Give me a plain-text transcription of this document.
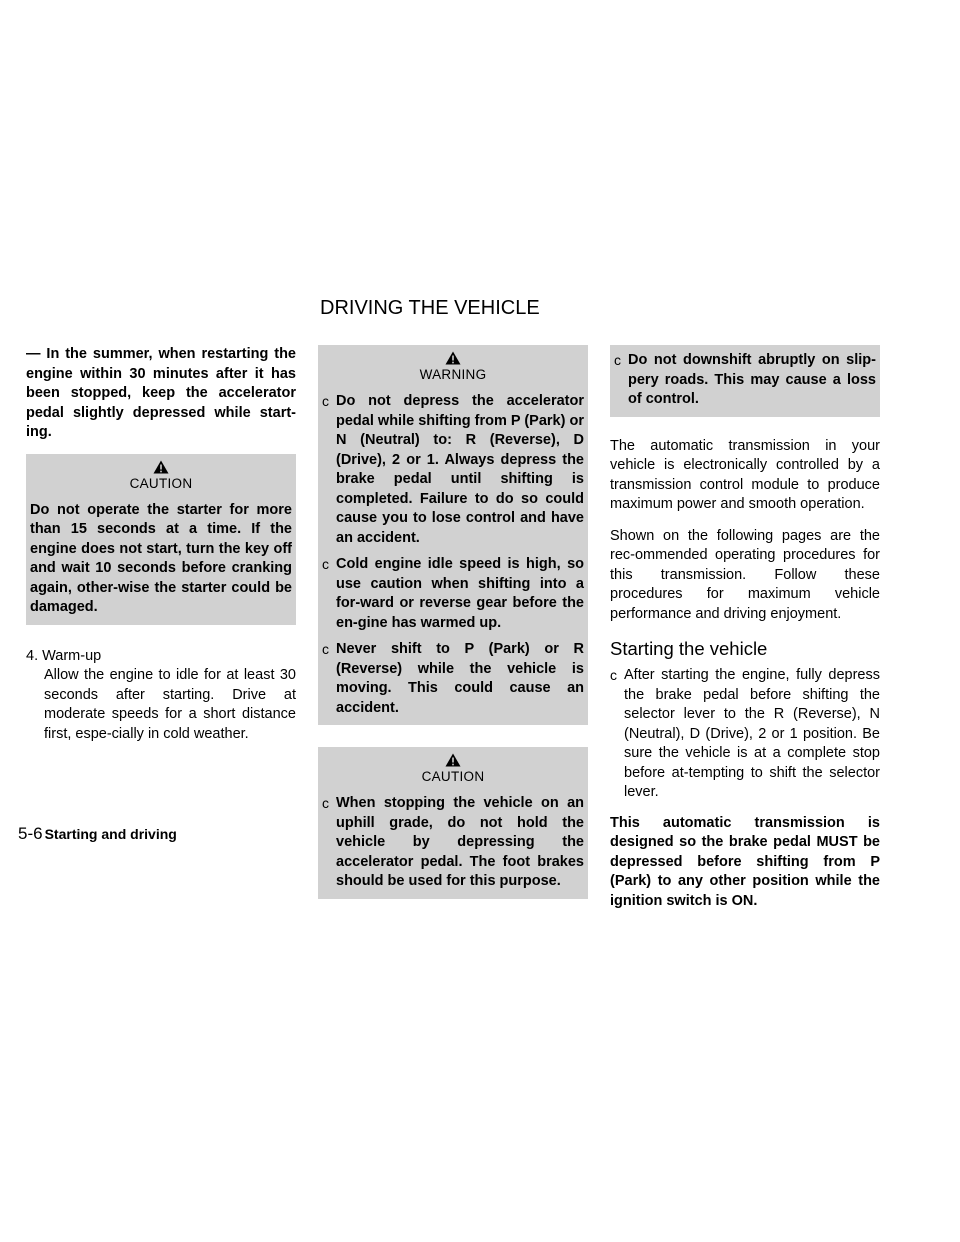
DRIVING THE VEHICLE

— In the summer, when restarting the engine within 30 minutes after it has been stopped, keep the accelerator pedal slightly depressed while start-ing.

CAUTION
Do not operate the starter for more than 15 seconds at a time. If the engine does not start, turn the key off and wait 10 seconds before cranking again, other-wise the starter could be damaged.

4. Warm-up

Allow the engine to idle for at least 30 seconds after starting. Drive at moderate speeds for a short distance first, espe-cially in cold weather.

WARNING
c Do not depress the accelerator pedal while shifting from P (Park) or N (Neutral) to: R (Reverse), D (Drive), 2 or 1. Always depress the brake pedal until shifting is completed. Failure to do so could cause you to lose control and have an accident.
c Cold engine idle speed is high, so use caution when shifting into a for-ward or reverse gear before the en-gine has warmed up.
c Never shift to P (Park) or R (Reverse) while the vehicle is moving. This could cause an accident.
CAUTION
c When stopping the vehicle on an uphill grade, do not hold the vehicle by depressing the accelerator pedal. The foot brakes should be used for this purpose.
c Do not downshift abruptly on slip-pery roads. This may cause a loss of control.

The automatic transmission in your vehicle is electronically controlled by a transmission control module to produce maximum power and smooth operation.

Shown on the following pages are the rec-ommended operating procedures for this transmission. Follow these procedures for maximum vehicle performance and driving enjoyment.

Starting the vehicle
c After starting the engine, fully depress the brake pedal before shifting the selector lever to the R (Reverse), N (Neutral), D (Drive), 2 or 1 position. Be sure the vehicle is at a complete stop before at-tempting to shift the selector lever.

This automatic transmission is designed so the brake pedal MUST be depressed before shifting from P (Park) to any other position while the ignition switch is ON.

5-6 Starting and driving
